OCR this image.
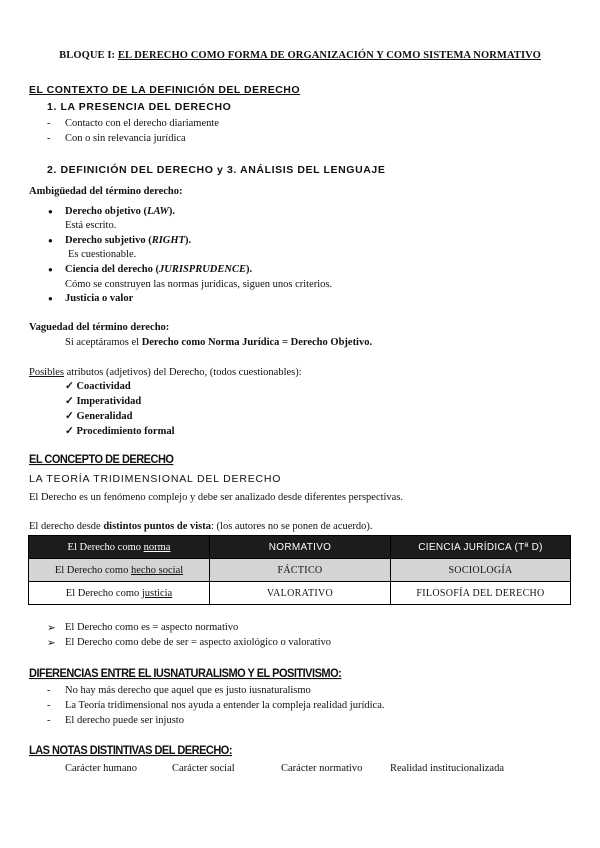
BLOQUE I: EL DERECHO COMO FORMA DE ORGANIZACIÓN Y COMO SISTEMA NORMATIVO
EL CONTEXTO DE LA DEFINICIÓN DEL DERECHO
1. LA PRESENCIA DEL DERECHO
- Contacto con el derecho diariamente
- Con o sin relevancia jurídica
2. DEFINICIÓN DEL DERECHO y 3. ANÁLISIS DEL LENGUAJE
Ambigüedad del término derecho:
● Derecho objetivo (LAW).
Está escrito.
● Derecho subjetivo (RIGHT).
Es cuestionable.
● Ciencia del derecho (JURISPRUDENCE).
Cómo se construyen las normas jurídicas, siguen unos criterios.
● Justicia o valor
Vaguedad del término derecho:
Si aceptáramos el Derecho como Norma Jurídica = Derecho Objetivo.
Posibles atributos (adjetivos) del Derecho, (todos cuestionables):
✓ Coactividad
✓ Imperatividad
✓ Generalidad
✓ Procedimiento formal
EL CONCEPTO DE DERECHO
LA TEORÍA TRIDIMENSIONAL DEL DERECHO
El Derecho es un fenómeno complejo y debe ser analizado desde diferentes perspectivas.
El derecho desde distintos puntos de vista: (los autores no se ponen de acuerdo).
El Derecho como norma	NORMATIVO	CIENCIA JURÍDICA (Tª D)
El Derecho como hecho social	FÁCTICO	SOCIOLOGÍA
El Derecho como justicia	VALORATIVO	FILOSOFÍA DEL DERECHO
➢ El Derecho como es = aspecto normativo
➢ El Derecho como debe de ser = aspecto axiológico o valorativo
DIFERENCIAS ENTRE EL IUSNATURALISMO Y EL POSITIVISMO:
- No hay más derecho que aquel que es justo iusnaturalismo
- La Teoría tridimensional nos ayuda a entender la compleja realidad jurídica.
- El derecho puede ser injusto
LAS NOTAS DISTINTIVAS DEL DERECHO:
Carácter humano	Carácter social	Carácter normativo	Realidad institucionalizada
